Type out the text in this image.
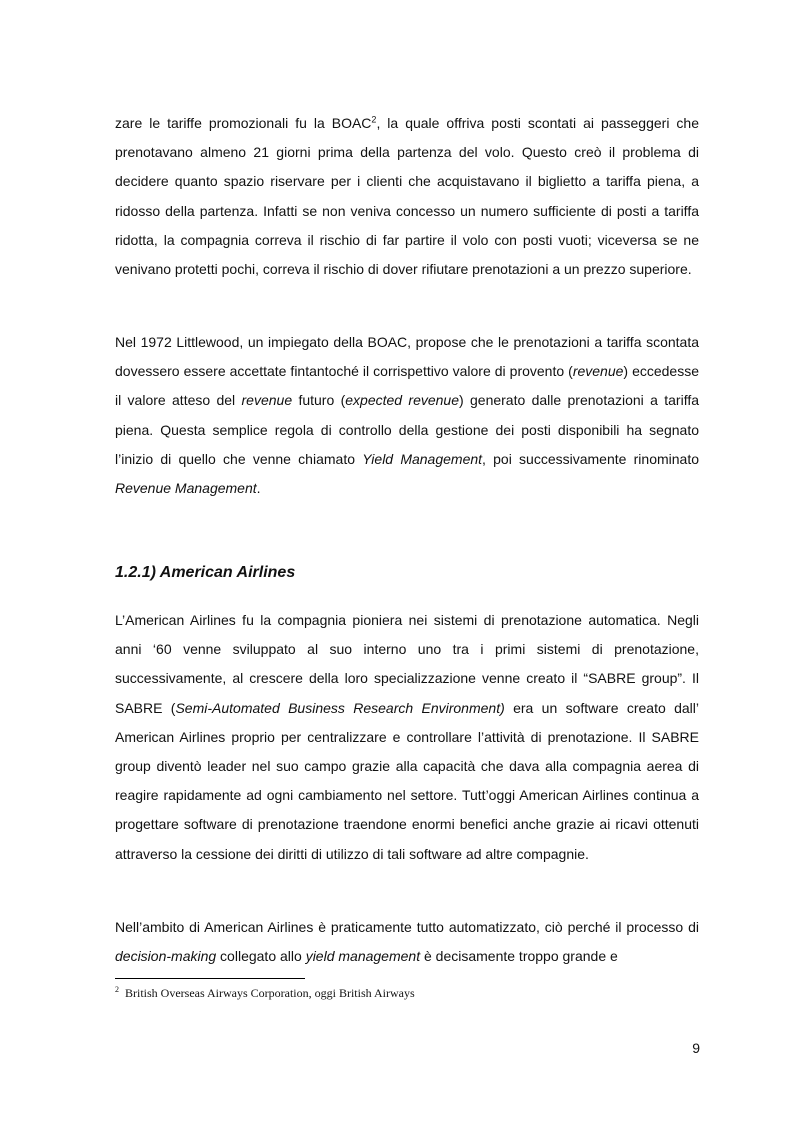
zare le tariffe promozionali fu la BOAC$^2$, la quale offriva posti scontati ai passeggeri che prenotavano almeno 21 giorni prima della partenza del volo. Questo creò il problema di decidere quanto spazio riservare per i clienti che acquistavano il biglietto a tariffa piena, a ridosso della partenza. Infatti se non veniva concesso un numero sufficiente di posti a tariffa ridotta, la compagnia correva il rischio di far partire il volo con posti vuoti; viceversa se ne venivano protetti pochi, correva il rischio di dover rifiutare prenotazioni a un prezzo superiore.

Nel 1972 Littlewood, un impiegato della BOAC, propose che le prenotazioni a tariffa scontata dovessero essere accettate fintantoché il corrispettivo valore di provento (revenue) eccedesse il valore atteso del revenue futuro (expected revenue) generato dalle prenotazioni a tariffa piena. Questa semplice regola di controllo della gestione dei posti disponibili ha segnato l’inizio di quello che venne chiamato Yield Management, poi successivamente rinominato Revenue Management.

1.2.1) American Airlines

L’American Airlines fu la compagnia pioniera nei sistemi di prenotazione automatica. Negli anni ‘60 venne sviluppato al suo interno uno tra i primi sistemi di prenotazione, successivamente, al crescere della loro specializzazione venne creato il “SABRE group”. Il SABRE (Semi-Automated Business Research Environment) era un software creato dall’ American Airlines proprio per centralizzare e controllare l’attività di prenotazione. Il SABRE group diventò leader nel suo campo grazie alla capacità che dava alla compagnia aerea di reagire rapidamente ad ogni cambiamento nel settore. Tutt’oggi American Airlines continua a progettare software di prenotazione traendone enormi benefici anche grazie ai ricavi ottenuti attraverso la cessione dei diritti di utilizzo di tali software ad altre compagnie.

Nell’ambito di American Airlines è praticamente tutto automatizzato, ciò perché il processo di decision-making collegato allo yield management è decisamente troppo grande e

$^2$ British Overseas Airways Corporation, oggi British Airways

9
